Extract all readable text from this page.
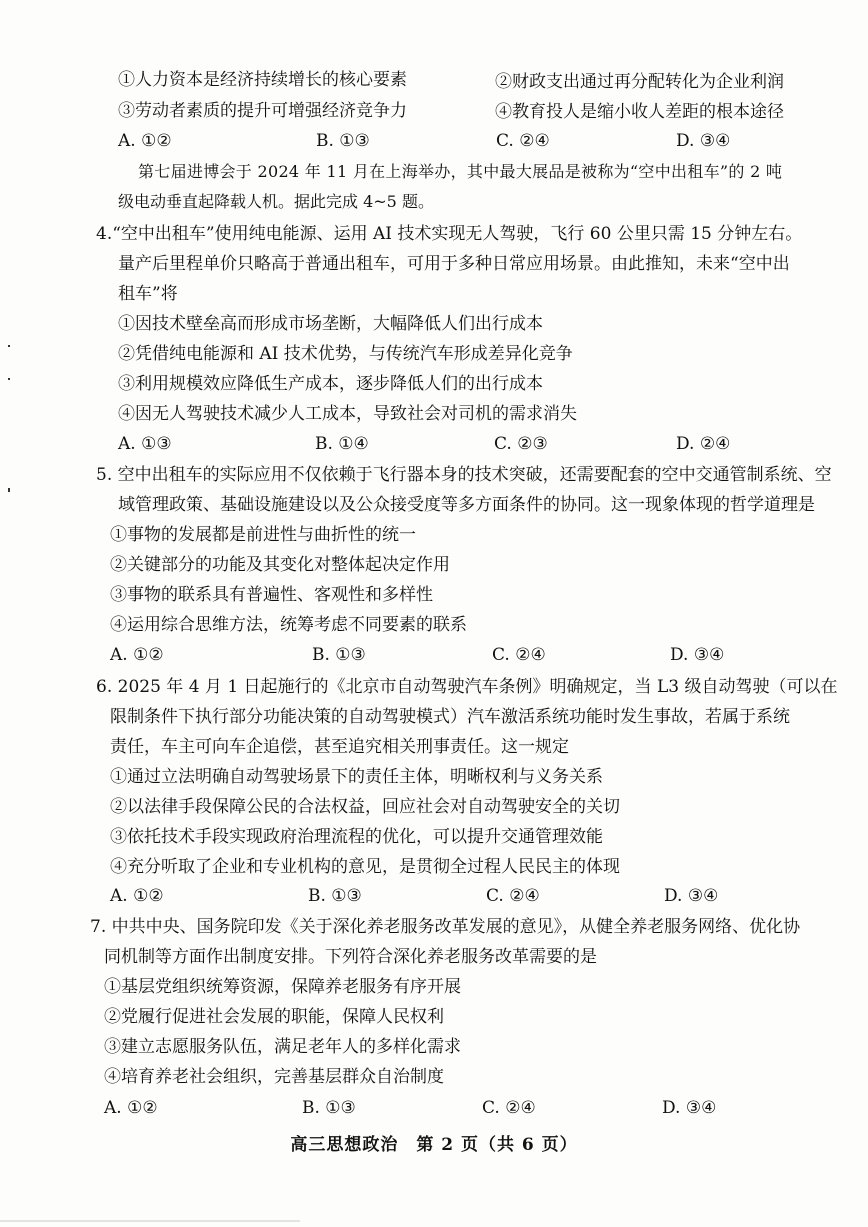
①人力资本是经济持续增长的核心要素	②财政支出通过再分配转化为企业利润
③劳动者素质的提升可增强经济竞争力	④教育投人是缩小收人差距的根本途径
A. ①②	B. ①③	C. ②④	D. ③④
第七届进博会于 2024 年 11 月在上海举办，其中最大展品是被称为“空中出租车”的 2 吨
级电动垂直起降载人机。据此完成 4~5 题。
4.“空中出租车”使用纯电能源、运用 AI 技术实现无人驾驶，飞行 60 公里只需 15 分钟左右。
量产后里程单价只略高于普通出租车，可用于多种日常应用场景。由此推知，未来“空中出
租车”将
①因技术壁垒高而形成市场垄断，大幅降低人们出行成本
②凭借纯电能源和 AI 技术优势，与传统汽车形成差异化竞争
③利用规模效应降低生产成本，逐步降低人们的出行成本
④因无人驾驶技术减少人工成本，导致社会对司机的需求消失
A. ①③	B. ①④	C. ②③	D. ②④
5. 空中出租车的实际应用不仅依赖于飞行器本身的技术突破，还需要配套的空中交通管制系统、空
域管理政策、基础设施建设以及公众接受度等多方面条件的协同。这一现象体现的哲学道理是
①事物的发展都是前进性与曲折性的统一
②关键部分的功能及其变化对整体起决定作用
③事物的联系具有普遍性、客观性和多样性
④运用综合思维方法，统筹考虑不同要素的联系
A. ①②	B. ①③	C. ②④	D. ③④
6. 2025 年 4 月 1 日起施行的《北京市自动驾驶汽车条例》明确规定，当 L3 级自动驾驶（可以在
限制条件下执行部分功能决策的自动驾驶模式）汽车激活系统功能时发生事故，若属于系统
责任，车主可向车企追偿，甚至追究相关刑事责任。这一规定
①通过立法明确自动驾驶场景下的责任主体，明晰权利与义务关系
②以法律手段保障公民的合法权益，回应社会对自动驾驶安全的关切
③依托技术手段实现政府治理流程的优化，可以提升交通管理效能
④充分听取了企业和专业机构的意见，是贯彻全过程人民民主的体现
A. ①②	B. ①③	C. ②④	D. ③④
7. 中共中央、国务院印发《关于深化养老服务改革发展的意见》，从健全养老服务网络、优化协
同机制等方面作出制度安排。下列符合深化养老服务改革需要的是
①基层党组织统筹资源，保障养老服务有序开展
②党履行促进社会发展的职能，保障人民权利
③建立志愿服务队伍，满足老年人的多样化需求
④培育养老社会组织，完善基层群众自治制度
A. ①②	B. ①③	C. ②④	D. ③④
高三思想政治　第 2 页（共 6 页）
